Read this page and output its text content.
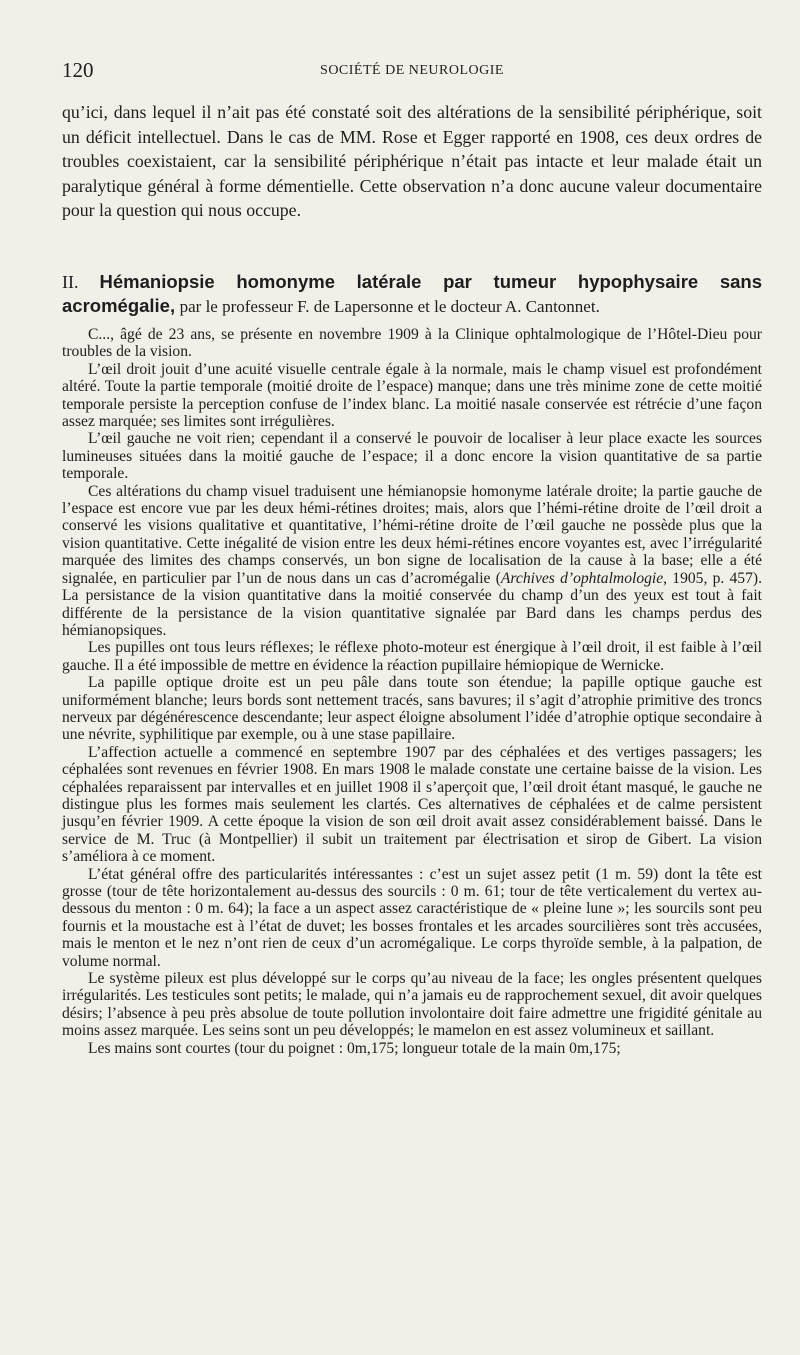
120	SOCIÉTÉ DE NEUROLOGIE

qu’ici, dans lequel il n’ait pas été constaté soit des altérations de la sensibilité périphérique, soit un déficit intellectuel. Dans le cas de MM. Rose et Egger rapporté en 1908, ces deux ordres de troubles coexistaient, car la sensibilité périphérique n’était pas intacte et leur malade était un paralytique général à forme démentielle. Cette observation n’a donc aucune valeur documentaire pour la question qui nous occupe.

II. Hémaniopsie homonyme latérale par tumeur hypophysaire sans acromégalie, par le professeur F. de Lapersonne et le docteur A. Cantonnet.

C..., âgé de 23 ans, se présente en novembre 1909 à la Clinique ophtalmologique de l’Hôtel-Dieu pour troubles de la vision.

L’œil droit jouit d’une acuité visuelle centrale égale à la normale, mais le champ visuel est profondément altéré. Toute la partie temporale (moitié droite de l’espace) manque; dans une très minime zone de cette moitié temporale persiste la perception confuse de l’index blanc. La moitié nasale conservée est rétrécie d’une façon assez marquée; ses limites sont irrégulières.

L’œil gauche ne voit rien; cependant il a conservé le pouvoir de localiser à leur place exacte les sources lumineuses situées dans la moitié gauche de l’espace; il a donc encore la vision quantitative de sa partie temporale.

Ces altérations du champ visuel traduisent une hémianopsie homonyme latérale droite; la partie gauche de l’espace est encore vue par les deux hémi-rétines droites; mais, alors que l’hémi-rétine droite de l’œil droit a conservé les visions qualitative et quantitative, l’hémi-rétine droite de l’œil gauche ne possède plus que la vision quantitative. Cette inégalité de vision entre les deux hémi-rétines encore voyantes est, avec l’irrégularité marquée des limites des champs conservés, un bon signe de localisation de la cause à la base; elle a été signalée, en particulier par l’un de nous dans un cas d’acromégalie (Archives d’ophtalmologie, 1905, p. 457). La persistance de la vision quantitative dans la moitié conservée du champ d’un des yeux est tout à fait différente de la persistance de la vision quantitative signalée par Bard dans les champs perdus des hémianopsiques.

Les pupilles ont tous leurs réflexes; le réflexe photo-moteur est énergique à l’œil droit, il est faible à l’œil gauche. Il a été impossible de mettre en évidence la réaction pupillaire hémiopique de Wernicke.

La papille optique droite est un peu pâle dans toute son étendue; la papille optique gauche est uniformément blanche; leurs bords sont nettement tracés, sans bavures; il s’agit d’atrophie primitive des troncs nerveux par dégénérescence descendante; leur aspect éloigne absolument l’idée d’atrophie optique secondaire à une névrite, syphilitique par exemple, ou à une stase papillaire.

L’affection actuelle a commencé en septembre 1907 par des céphalées et des vertiges passagers; les céphalées sont revenues en février 1908. En mars 1908 le malade constate une certaine baisse de la vision. Les céphalées reparaissent par intervalles et en juillet 1908 il s’aperçoit que, l’œil droit étant masqué, le gauche ne distingue plus les formes mais seulement les clartés. Ces alternatives de céphalées et de calme persistent jusqu’en février 1909. A cette époque la vision de son œil droit avait assez considérablement baissé. Dans le service de M. Truc (à Montpellier) il subit un traitement par électrisation et sirop de Gibert. La vision s’améliora à ce moment.

L’état général offre des particularités intéressantes : c’est un sujet assez petit (1 m. 59) dont la tête est grosse (tour de tête horizontalement au-dessus des sourcils : 0 m. 61; tour de tête verticalement du vertex au-dessous du menton : 0 m. 64); la face a un aspect assez caractéristique de « pleine lune »; les sourcils sont peu fournis et la moustache est à l’état de duvet; les bosses frontales et les arcades sourcilières sont très accusées, mais le menton et le nez n’ont rien de ceux d’un acromégalique. Le corps thyroïde semble, à la palpation, de volume normal.

Le système pileux est plus développé sur le corps qu’au niveau de la face; les ongles présentent quelques irrégularités. Les testicules sont petits; le malade, qui n’a jamais eu de rapprochement sexuel, dit avoir quelques désirs; l’absence à peu près absolue de toute pollution involontaire doit faire admettre une frigidité génitale au moins assez marquée. Les seins sont un peu développés; le mamelon en est assez volumineux et saillant.

Les mains sont courtes (tour du poignet : 0m,175; longueur totale de la main 0m,175;
